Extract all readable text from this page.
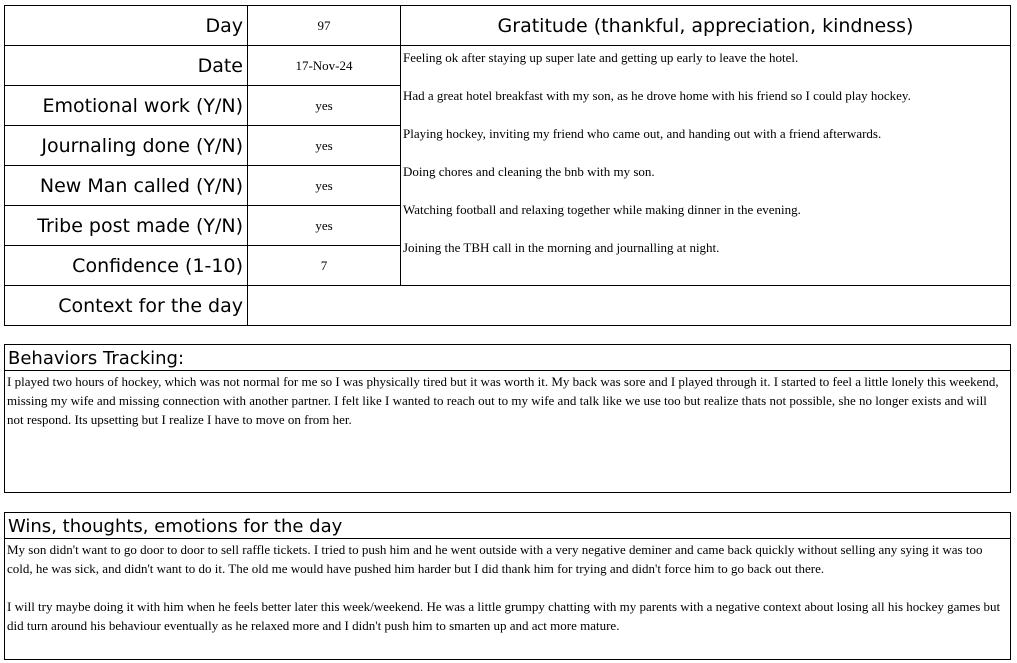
Day	97
Date	17-Nov-24
Emotional work (Y/N)	yes
Journaling done (Y/N)	yes
New Man called (Y/N)	yes
Tribe post made (Y/N)	yes
Confidence (1-10)	7
Context for the day
Gratitude (thankful, appreciation, kindness)
Feeling ok after staying up super late and getting up early to leave the hotel.
Had a great hotel breakfast with my son, as he drove home with his friend so I could play hockey.
Playing hockey, inviting my friend who came out, and handing out with a friend afterwards.
Doing chores and cleaning the bnb with my son.
Watching football and relaxing together while making dinner in the evening.
Joining the TBH call in the morning and journalling at night.
Behaviors Tracking:
I played two hours of hockey, which was not normal for me so I was physically tired but it was worth it. My back was sore and I played through it. I started to feel a little lonely this weekend, missing my wife and missing connection with another partner. I felt like I wanted to reach out to my wife and talk like we use too but realize thats not possible, she no longer exists and will not respond. Its upsetting but I realize I have to move on from her.
Wins, thoughts, emotions for the day
My son didn't want to go door to door to sell raffle tickets. I tried to push him and he went outside with a very negative deminer and came back quickly without selling any sying it was too cold, he was sick, and didn't want to do it. The old me would have pushed him harder but I did thank him for trying and didn't force him to go back out there.
I will try maybe doing it with him when he feels better later this week/weekend. He was a little grumpy chatting with my parents with a negative context about losing all his hockey games but did turn around his behaviour eventually as he relaxed more and I didn't push him to smarten up and act more mature.
